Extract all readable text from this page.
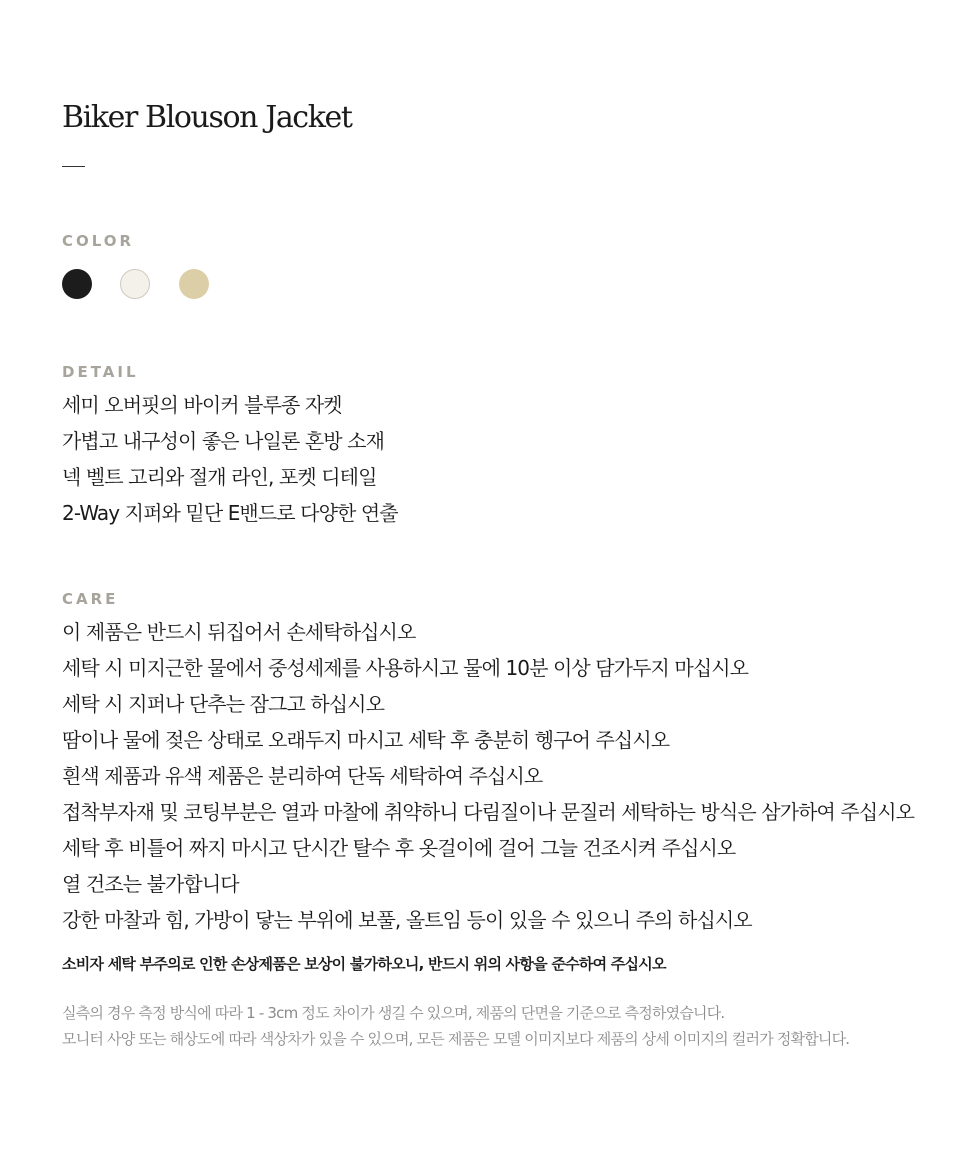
Biker Blouson Jacket
COLOR
DETAIL
세미 오버핏의 바이커 블루종 자켓
가볍고 내구성이 좋은 나일론 혼방 소재
넥 벨트 고리와 절개 라인, 포켓 디테일
2-Way 지퍼와 밑단 E밴드로 다양한 연출
CARE
이 제품은 반드시 뒤집어서 손세탁하십시오
세탁 시 미지근한 물에서 중성세제를 사용하시고 물에 10분 이상 담가두지 마십시오
세탁 시 지퍼나 단추는 잠그고 하십시오
땀이나 물에 젖은 상태로 오래두지 마시고 세탁 후 충분히 헹구어 주십시오
흰색 제품과 유색 제품은 분리하여 단독 세탁하여 주십시오
접착부자재 및 코팅부분은 열과 마찰에 취약하니 다림질이나 문질러 세탁하는 방식은 삼가하여 주십시오
세탁 후 비틀어 짜지 마시고 단시간 탈수 후 옷걸이에 걸어 그늘 건조시켜 주십시오
열 건조는 불가합니다
강한 마찰과 힘, 가방이 닿는 부위에 보풀, 올트임 등이 있을 수 있으니 주의 하십시오
소비자 세탁 부주의로 인한 손상제품은 보상이 불가하오니, 반드시 위의 사항을 준수하여 주십시오
실측의 경우 측정 방식에 따라 1 - 3cm 정도 차이가 생길 수 있으며, 제품의 단면을 기준으로 측정하였습니다.
모니터 사양 또는 해상도에 따라 색상차가 있을 수 있으며, 모든 제품은 모델 이미지보다 제품의 상세 이미지의 컬러가 정확합니다.
